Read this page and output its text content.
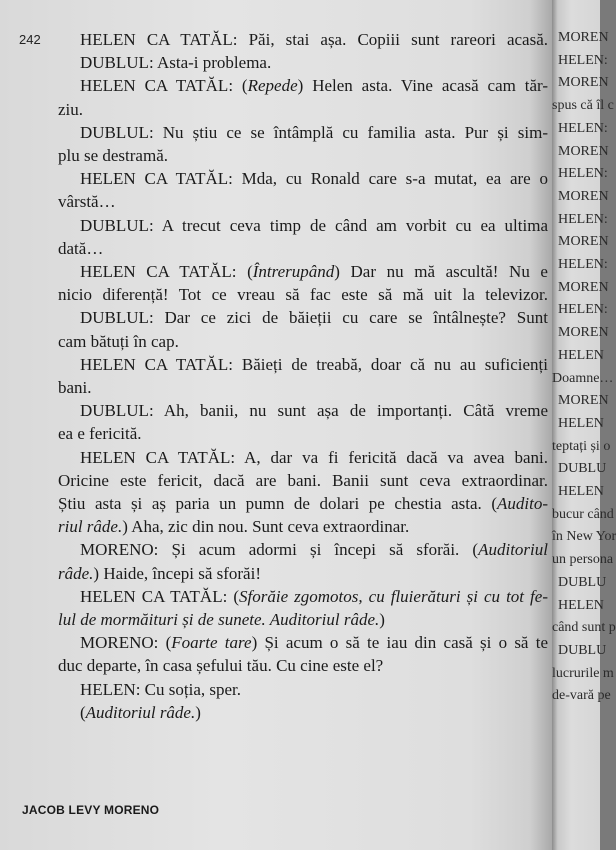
242	HELEN CA TATĂL: Păi, stai așa. Copiii sunt rareori acasă.
DUBLUL: Asta-i problema.
HELEN CA TATĂL: (Repede) Helen asta. Vine acasă cam tăr-
ziu.
DUBLUL: Nu știu ce se întâmplă cu familia asta. Pur și sim-
plu se destramă.
HELEN CA TATĂL: Mda, cu Ronald care s-a mutat, ea are o
vârstă…
DUBLUL: A trecut ceva timp de când am vorbit cu ea ultima
dată…
HELEN CA TATĂL: (Întrerupând) Dar nu mă ascultă! Nu e
nicio diferență! Tot ce vreau să fac este să mă uit la televizor.
DUBLUL: Dar ce zici de băieții cu care se întâlnește? Sunt
cam bătuți în cap.
HELEN CA TATĂL: Băieți de treabă, doar că nu au suficienți
bani.
DUBLUL: Ah, banii, nu sunt așa de importanți. Câtă vreme
ea e fericită.
HELEN CA TATĂL: A, dar va fi fericită dacă va avea bani.
Oricine este fericit, dacă are bani. Banii sunt ceva extraordinar.
Știu asta și aș paria un pumn de dolari pe chestia asta. (Audito-
riul râde.) Aha, zic din nou. Sunt ceva extraordinar.
MORENO: Și acum adormi și începi să sforăi. (Auditoriul
râde.) Haide, începi să sforăi!
HELEN CA TATĂL: (Sforăie zgomotos, cu fluierături și cu tot fe-
lul de mormăituri și de sunete. Auditoriul râde.)
MORENO: (Foarte tare) Și acum o să te iau din casă și o să te
duc departe, în casa șefului tău. Cu cine este el?
HELEN: Cu soția, sper.
(Auditoriul râde.)
JACOB LEVY MORENO
MOREN
HELEN:
MOREN
spus că îl c
HELEN:
MOREN
HELEN:
MOREN
HELEN:
MOREN
HELEN:
MOREN
HELEN:
MOREN
HELEN
Doamne…
MOREN
HELEN
teptați și o
DUBLU
HELEN
bucur când
în New Yor
un persona
DUBLU
HELEN
când sunt p
DUBLU
lucrurile m
de-vară pe
